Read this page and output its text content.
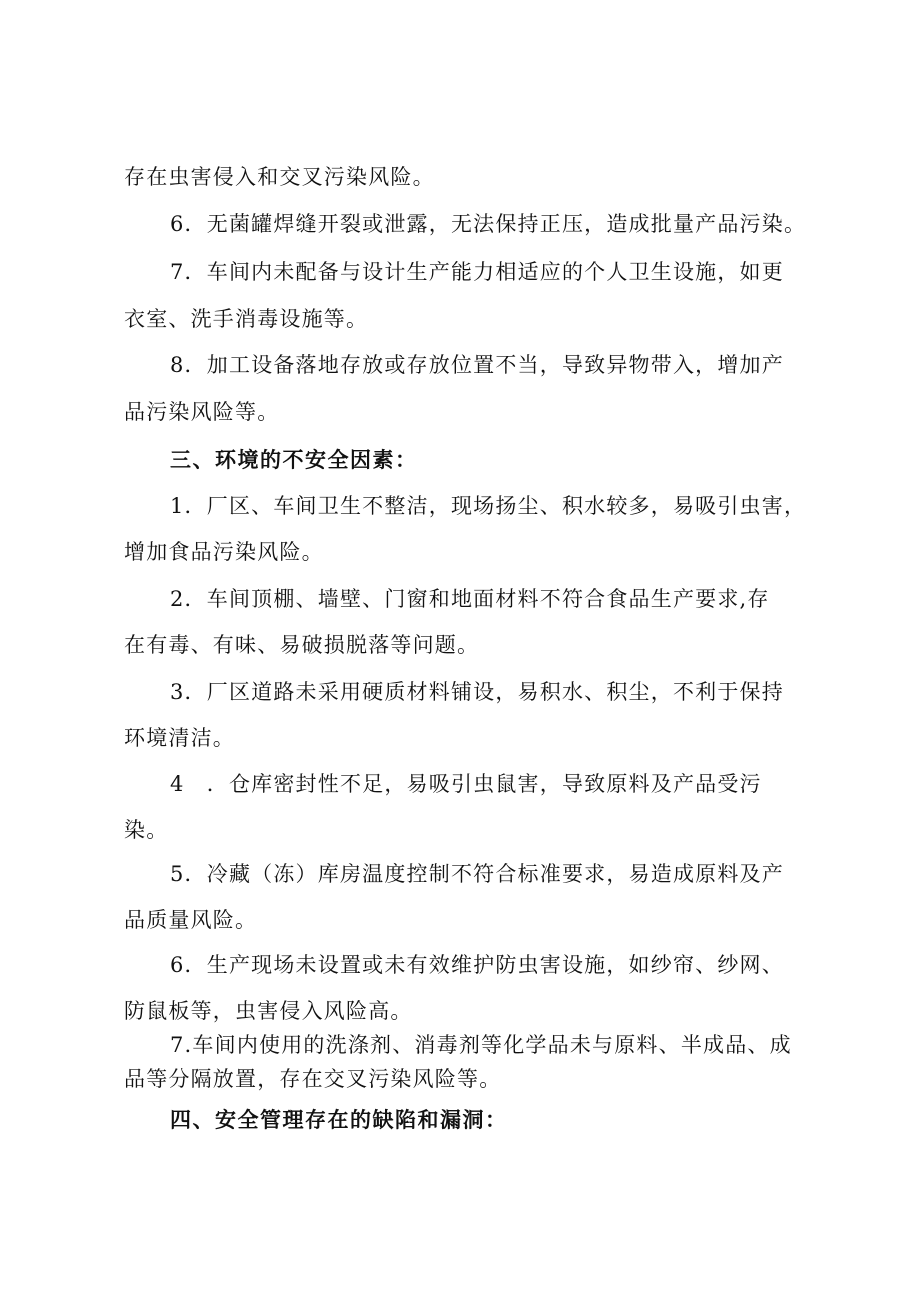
存在虫害侵入和交叉污染风险。
6．无菌罐焊缝开裂或泄露，无法保持正压，造成批量产品污染。
7．车间内未配备与设计生产能力相适应的个人卫生设施，如更
衣室、洗手消毒设施等。
8．加工设备落地存放或存放位置不当，导致异物带入，增加产
品污染风险等。
三、环境的不安全因素：
1．厂区、车间卫生不整洁，现场扬尘、积水较多，易吸引虫害，
增加食品污染风险。
2．车间顶棚、墙壁、门窗和地面材料不符合食品生产要求,存
在有毒、有味、易破损脱落等问题。
3．厂区道路未采用硬质材料铺设，易积水、积尘，不利于保持
环境清洁。
4　．仓库密封性不足，易吸引虫鼠害，导致原料及产品受污
染。
5．冷藏（冻）库房温度控制不符合标准要求，易造成原料及产
品质量风险。
6．生产现场未设置或未有效维护防虫害设施，如纱帘、纱网、
防鼠板等，虫害侵入风险高。
7.车间内使用的洗涤剂、消毒剂等化学品未与原料、半成品、成
品等分隔放置，存在交叉污染风险等。
四、安全管理存在的缺陷和漏洞：
